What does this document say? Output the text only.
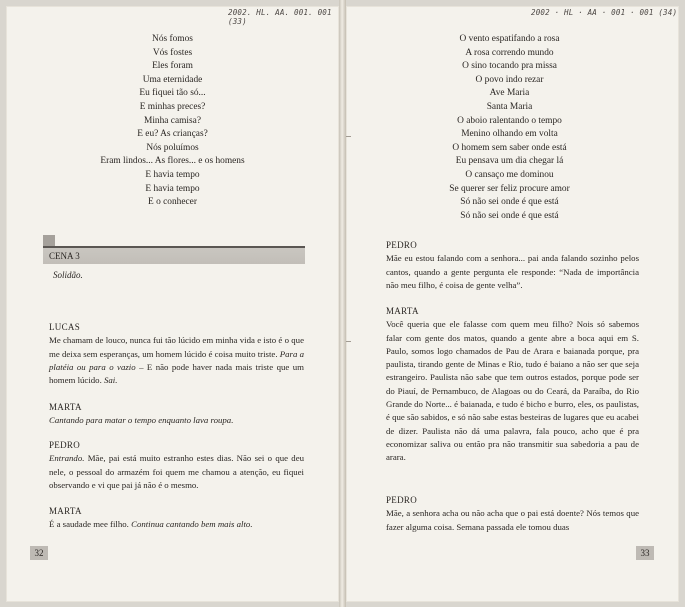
2002. HL. AA. 001. 001 (33)
Nós fomos
Vós fostes
Eles foram
Uma eternidade
Eu fiquei tão só...
E minhas preces?
Minha camisa?
E eu? As crianças?
Nós poluímos
Eram lindos... As flores... e os homens
E havia tempo
E havia tempo
E o conhecer
CENA 3
Solidão.
LUCAS

Me chamam de louco, nunca fui tão lúcido em minha vida e isto é o que me deixa sem esperanças, um homem lúcido é coisa muito triste. Para a platéia ou para o vazio – E não pode haver nada mais triste que um homem lúcido. Sai.

MARTA

Cantando para matar o tempo enquanto lava roupa.

PEDRO

Entrando. Mãe, pai está muito estranho estes dias. Não sei o que deu nele, o pessoal do armazém foi quem me chamou a atenção, eu fiquei observando e vi que pai já não é o mesmo.

MARTA

É a saudade mee filho. Continua cantando bem mais alto.

32
2002 · HL · AA · 001 · 001 (34)
O vento espatifando a rosa
A rosa correndo mundo
O sino tocando pra missa
O povo indo rezar
Ave Maria
Santa Maria
O aboio ralentando o tempo
Menino olhando em volta
O homem sem saber onde está
Eu pensava um dia chegar lá
O cansaço me dominou
Se querer ser feliz procure amor
Só não sei onde é que está
Só não sei onde é que está
PEDRO

Mãe eu estou falando com a senhora... pai anda falando sozinho pelos cantos, quando a gente pergunta ele responde: “Nada de importância não meu filho, é coisa de gente velha”.

MARTA

Você queria que ele falasse com quem meu filho? Nois só sabemos falar com gente dos matos, quando a gente abre a boca aqui em S. Paulo, somos logo chamados de Pau de Arara e baianada porque, pra paulista, tirando gente de Minas e Rio, tudo é baiano a não ser que seja estrangeiro. Paulista não sabe que tem outros estados, porque pode ser do Piauí, de Pernambuco, de Alagoas ou do Ceará, da Paraíba, do Rio Grande do Norte... é baianada, e tudo é bicho e burro, eles, os paulistas, é que são sabidos, e só não sabe estas besteiras de lugares que eu acabei de dizer. Paulista não dá uma palavra, fala pouco, acho que é pra economizar saliva ou então pra não transmitir sua sabedoria a pau de arara.

PEDRO

Mãe, a senhora acha ou não acha que o pai está doente? Nós temos que fazer alguma coisa. Semana passada ele tomou duas

33
